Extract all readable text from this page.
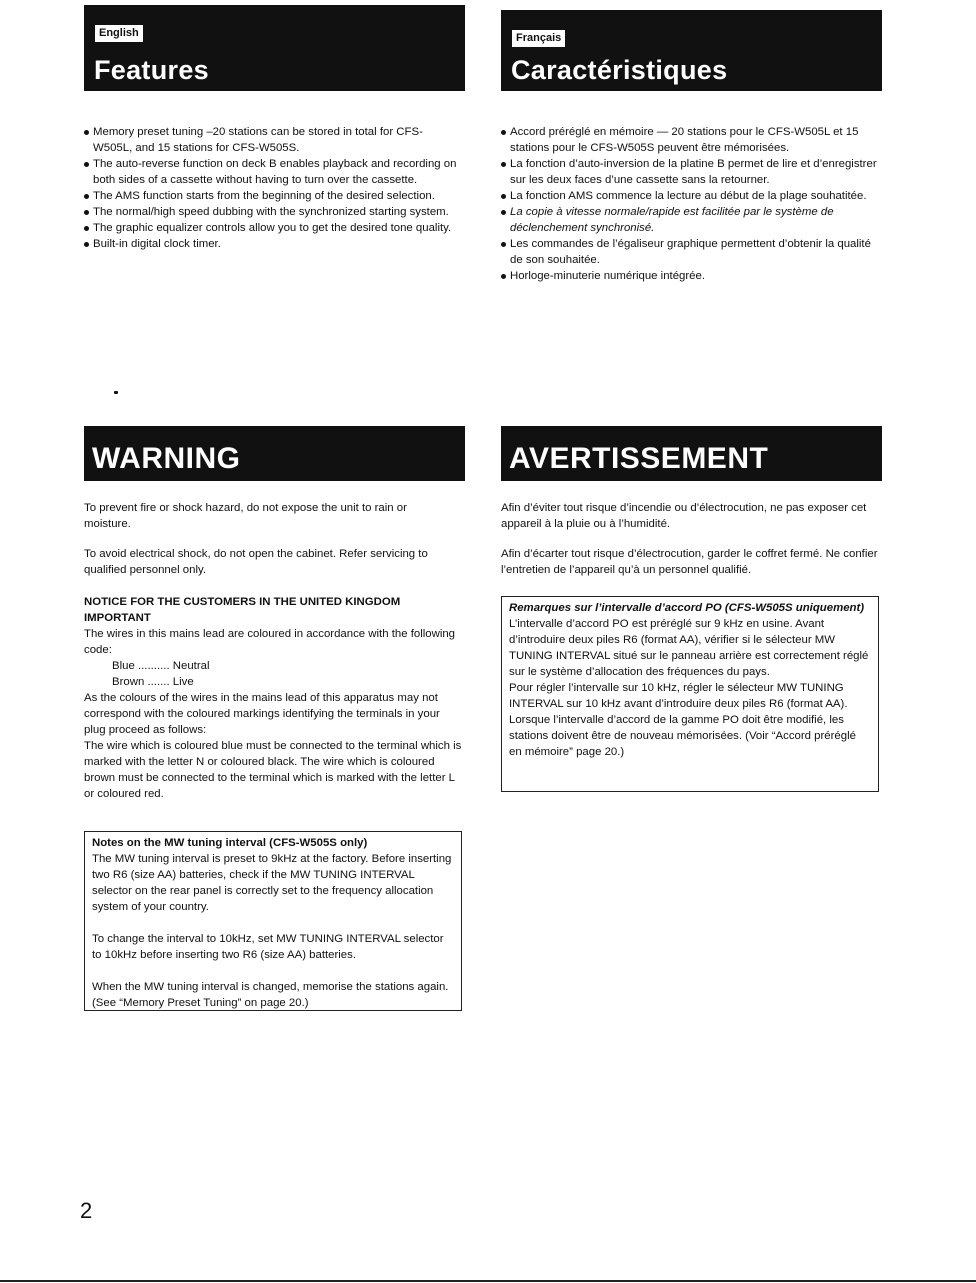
English
Features
Français
Caractéristiques
Memory preset tuning –20 stations can be stored in total for CFS-W505L, and 15 stations for CFS-W505S.
The auto-reverse function on deck B enables playback and recording on both sides of a cassette without having to turn over the cassette.
The AMS function starts from the beginning of the desired selection.
The normal/high speed dubbing with the synchronized starting system.
The graphic equalizer controls allow you to get the desired tone quality.
Built-in digital clock timer.
Accord préréglé en mémoire — 20 stations pour le CFS-W505L et 15 stations pour le CFS-W505S peuvent être mémorisées.
La fonction d’auto-inversion de la platine B permet de lire et d’enregistrer sur les deux faces d’une cassette sans la retourner.
La fonction AMS commence la lecture au début de la plage souhatitée.
La copie à vitesse normale/rapide est facilitée par le système de déclenchement synchronisé.
Les commandes de l’égaliseur graphique permettent d’obtenir la qualité de son souhaitée.
Horloge-minuterie numérique intégrée.
WARNING	AVERTISSEMENT

To prevent fire or shock hazard, do not expose the unit to rain or moisture.

To avoid electrical shock, do not open the cabinet. Refer servicing to qualified personnel only.

NOTICE FOR THE CUSTOMERS IN THE UNITED KINGDOM
IMPORTANT
The wires in this mains lead are coloured in accordance with the following code:
Blue .......... Neutral
Brown ....... Live
As the colours of the wires in the mains lead of this apparatus may not correspond with the coloured markings identifying the terminals in your plug proceed as follows:
The wire which is coloured blue must be connected to the terminal which is marked with the letter N or coloured black. The wire which is coloured brown must be connected to the terminal which is marked with the letter L or coloured red.

Afin d’éviter tout risque d’incendie ou d’électrocution, ne pas exposer cet appareil à la pluie ou à l’humidité.

Afin d’écarter tout risque d’électrocution, garder le coffret fermé. Ne confier l’entretien de l’appareil qu’à un personnel qualifié.

Remarques sur l’intervalle d’accord PO (CFS-W505S uniquement)

L’intervalle d’accord PO est préréglé sur 9 kHz en usine. Avant d’introduire deux piles R6 (format AA), vérifier si le sélecteur MW TUNING INTERVAL situé sur le panneau arrière est correctement réglé sur le système d’allocation des fréquences du pays.

Pour régler l’intervalle sur 10 kHz, régler le sélecteur MW TUNING INTERVAL sur 10 kHz avant d’introduire deux piles R6 (format AA).

Lorsque l’intervalle d’accord de la gamme PO doit être modifié, les stations doivent être de nouveau mémorisées. (Voir “Accord préréglé en mémoire” page 20.)

Notes on the MW tuning interval (CFS-W505S only)

The MW tuning interval is preset to 9kHz at the factory. Before inserting two R6 (size AA) batteries, check if the MW TUNING INTERVAL selector on the rear panel is correctly set to the frequency allocation system of your country.

To change the interval to 10kHz, set MW TUNING INTERVAL selector to 10kHz before inserting two R6 (size AA) batteries.

When the MW tuning interval is changed, memorise the stations again. (See “Memory Preset Tuning” on page 20.)

2
